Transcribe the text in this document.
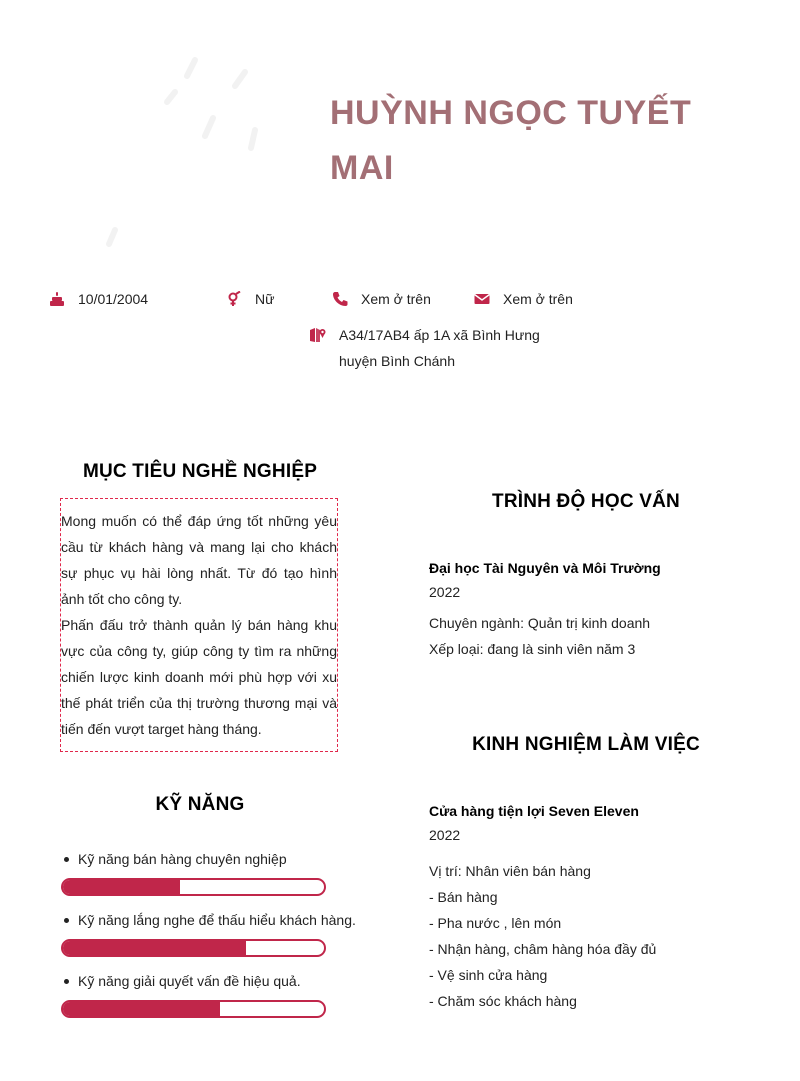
HUỲNH NGỌC TUYẾT MAI
10/01/2004	Nữ	Xem ở trên	Xem ở trên
A34/17AB4 ấp 1A xã Bình Hưng
huyện Bình Chánh
MỤC TIÊU NGHỀ NGHIỆP

Mong muốn có thể đáp ứng tốt những yêu cầu từ khách hàng và mang lại cho khách sự phục vụ hài lòng nhất. Từ đó tạo hình ảnh tốt cho công ty.

Phấn đấu trở thành quản lý bán hàng khu vực của công ty, giúp công ty tìm ra những chiến lược kinh doanh mới phù hợp với xu thế phát triển của thị trường thương mại và tiến đến vượt target hàng tháng.

KỸ NĂNG
Kỹ năng bán hàng chuyên nghiệp
Kỹ năng lắng nghe để thấu hiểu khách hàng.
Kỹ năng giải quyết vấn đề hiệu quả.
TRÌNH ĐỘ HỌC VẤN
Đại học Tài Nguyên và Môi Trường
2022
Chuyên ngành: Quản trị kinh doanh
Xếp loại: đang là sinh viên năm 3
KINH NGHIỆM LÀM VIỆC
Cửa hàng tiện lợi Seven Eleven
2022
Vị trí: Nhân viên bán hàng
- Bán hàng
- Pha nước , lên món
- Nhận hàng, châm hàng hóa đầy đủ
- Vệ sinh cửa hàng
- Chăm sóc khách hàng
